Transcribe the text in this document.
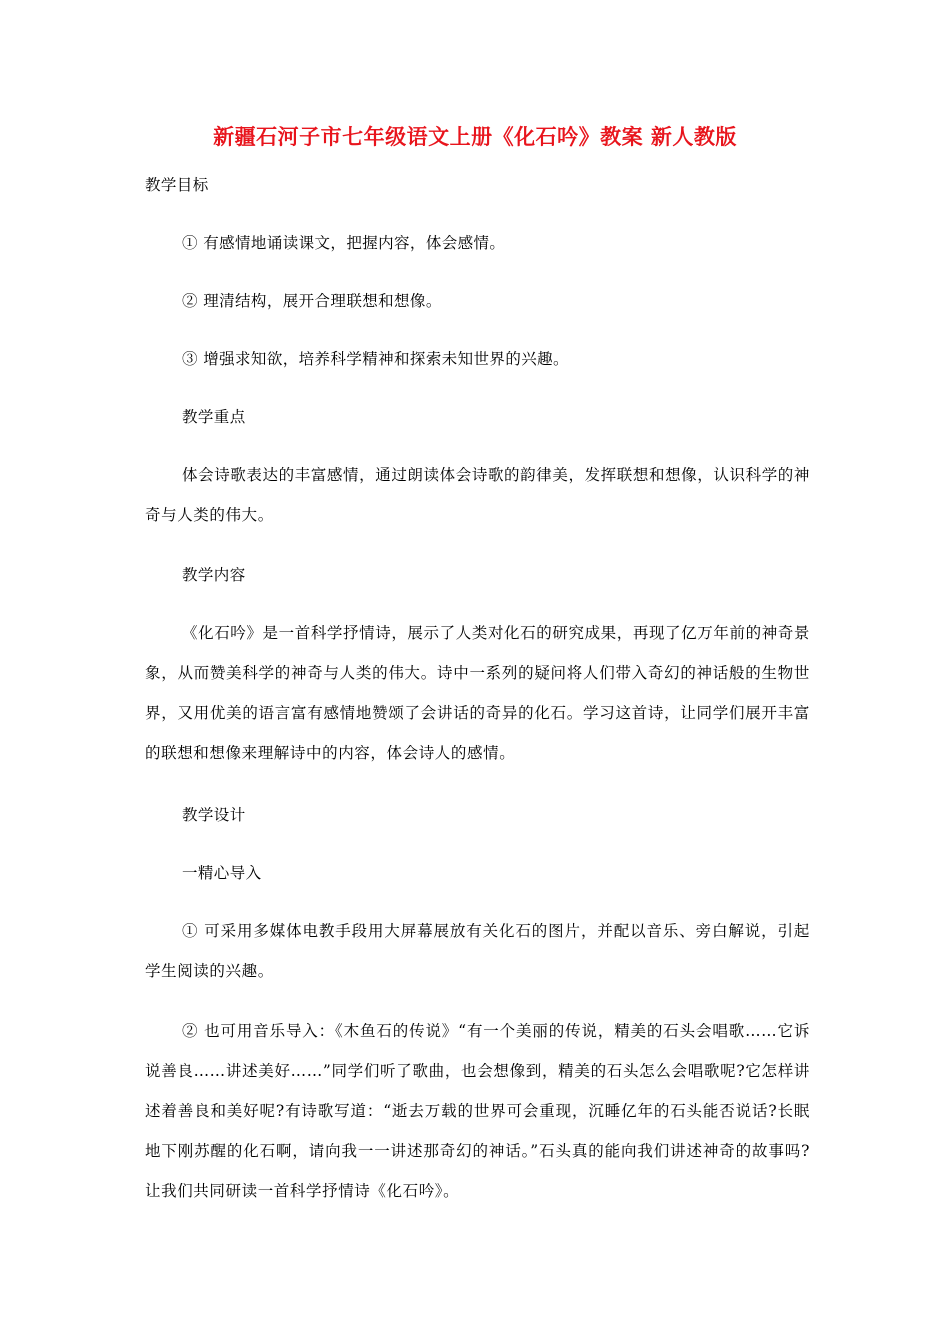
新疆石河子市七年级语文上册《化石吟》教案 新人教版
教学目标
① 有感情地诵读课文，把握内容，体会感情。
② 理清结构，展开合理联想和想像。
③ 增强求知欲，培养科学精神和探索未知世界的兴趣。
教学重点
体会诗歌表达的丰富感情，通过朗读体会诗歌的韵律美，发挥联想和想像，认识科学的神奇与人类的伟大。
教学内容
《化石吟》是一首科学抒情诗，展示了人类对化石的研究成果，再现了亿万年前的神奇景象，从而赞美科学的神奇与人类的伟大。诗中一系列的疑问将人们带入奇幻的神话般的生物世界，又用优美的语言富有感情地赞颂了会讲话的奇异的化石。学习这首诗，让同学们展开丰富的联想和想像来理解诗中的内容，体会诗人的感情。
教学设计
一精心导入
① 可采用多媒体电教手段用大屏幕展放有关化石的图片，并配以音乐、旁白解说，引起学生阅读的兴趣。
② 也可用音乐导入：《木鱼石的传说》“有一个美丽的传说，精美的石头会唱歌……它诉说善良……讲述美好……”同学们听了歌曲，也会想像到，精美的石头怎么会唱歌呢?它怎样讲述着善良和美好呢?有诗歌写道：“逝去万载的世界可会重现，沉睡亿年的石头能否说话?长眠地下刚苏醒的化石啊，请向我一一讲述那奇幻的神话。”石头真的能向我们讲述神奇的故事吗?让我们共同研读一首科学抒情诗《化石吟》。
